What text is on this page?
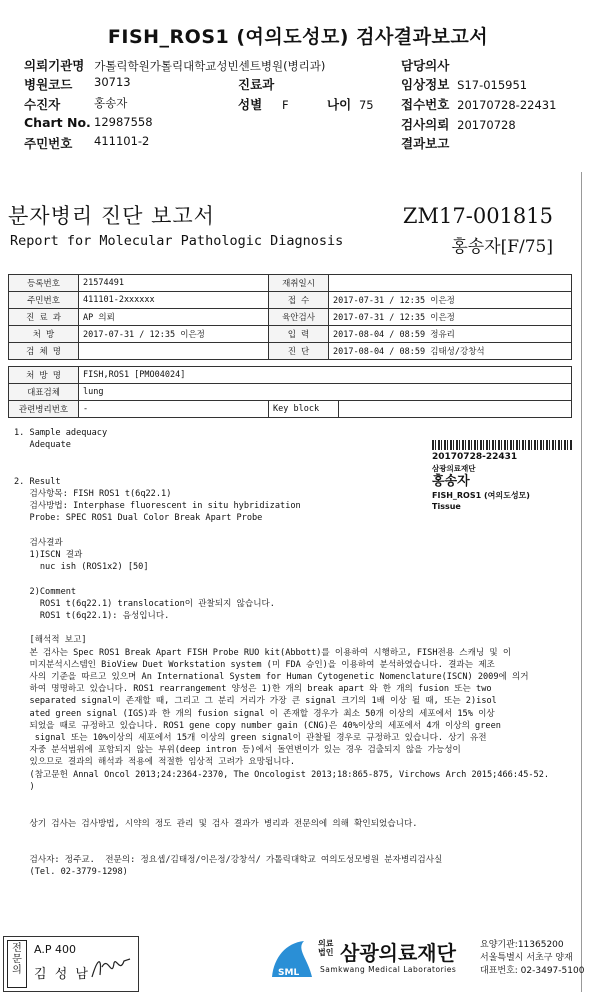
FISH_ROS1 (여의도성모) 검사결과보고서
의뢰기관명 가톨릭학원가톨릭대학교성빈센트병원(병리과)	담당의사
병원코드 30713	진료과	임상정보 S17-015951
수진자	홍송자	성별 F	나이 75 접수번호 20170728-22431
Chart No. 12987558	검사의뢰 20170728
주민번호 411101-2	결과보고
분자병리 진단 보고서
Report for Molecular Pathologic Diagnosis
ZM17-001815
홍송자[F/75]
등록번호	21574491	재취일시	
주민번호	411101-2xxxxxx	접 수	2017-07-31 / 12:35 이은정
진 료 과	AP 의뢰	육안검사	2017-07-31 / 12:35 이은정
처 방	2017-07-31 / 12:35 이은정	입 력	2017-08-04 / 08:59 정유리
검 체 명		진 단	2017-08-04 / 08:59 김태성/강창석
처 방 명	FISH,ROS1 [PMO04024]		
대표검체	lung		
관련병리번호	-	Key block	
20170728-22431
삼광의료재단
홍송자
FISH_ROS1 (여의도성모)
Tissue
1. Sample adequacy
Adequate

2. Result
검사항목: FISH ROS1 t(6q22.1)
검사방법: Interphase fluorescent in situ hybridization
Probe: SPEC ROS1 Dual Color Break Apart Probe

검사결과
1)ISCN 결과
nuc ish (ROS1x2) [50]

2)Comment
ROS1 t(6q22.1) translocation이 관찰되지 않습니다.
ROS1 t(6q22.1): 음성입니다.

[해석적 보고]
본 검사는 Spec ROS1 Break Apart FISH Probe RUO kit(Abbott)를 이용하여 시행하고, FISH전용 스캐닝 및 이
미지분석시스템인 BioView Duet Workstation system (미 FDA 승인)을 이용하여 분석하였습니다. 결과는 제조
사의 기준을 따르고 있으며 An International System for Human Cytogenetic Nomenclature(ISCN) 2009에 의거
하여 명명하고 있습니다. ROS1 rearrangement 양성은 1)한 개의 break apart 와 한 개의 fusion 또는 two
separated signal이 존재할 때, 그리고 그 분리 거리가 가장 큰 signal 크기의 1배 이상 될 때, 또는 2)isol
ated green signal (IGS)과 한 개의 fusion signal 이 존재할 경우가 최소 50개 이상의 세포에서 15% 이상
되었을 때로 규정하고 있습니다. ROS1 gene copy number gain (CNG)은 40%이상의 세포에서 4개 이상의 green
signal 또는 10%이상의 세포에서 15개 이상의 green signal이 관찰될 경우로 규정하고 있습니다. 상기 유전
자중 분석범위에 포함되지 않는 부위(deep intron 등)에서 돌연변이가 있는 경우 검출되지 않을 가능성이
있으므로 결과의 해석과 적용에 적절한 임상적 고려가 요망됩니다.
(참고문헌 Annal Oncol 2013;24:2364-2370, The Oncologist 2013;18:865-875, Virchows Arch 2015;466:45-52.
)

상기 검사는 검사방법, 시약의 정도 관리 및 검사 결과가 병리과 전문의에 의해 확인되었습니다.

검사자: 정주교.  전문의: 정요셉/김태정/이은정/강창석/ 가톨릭대학교 여의도성모병원 분자병리검사실
(Tel. 02-3779-1298)
전문의
A.P 400
김 성 남	SML
의료법인 삼광의료재단
Samkwang Medical Laboratories
요양기관:11365200
서울특별시 서초구 양재
대표번호: 02-3497-5100
